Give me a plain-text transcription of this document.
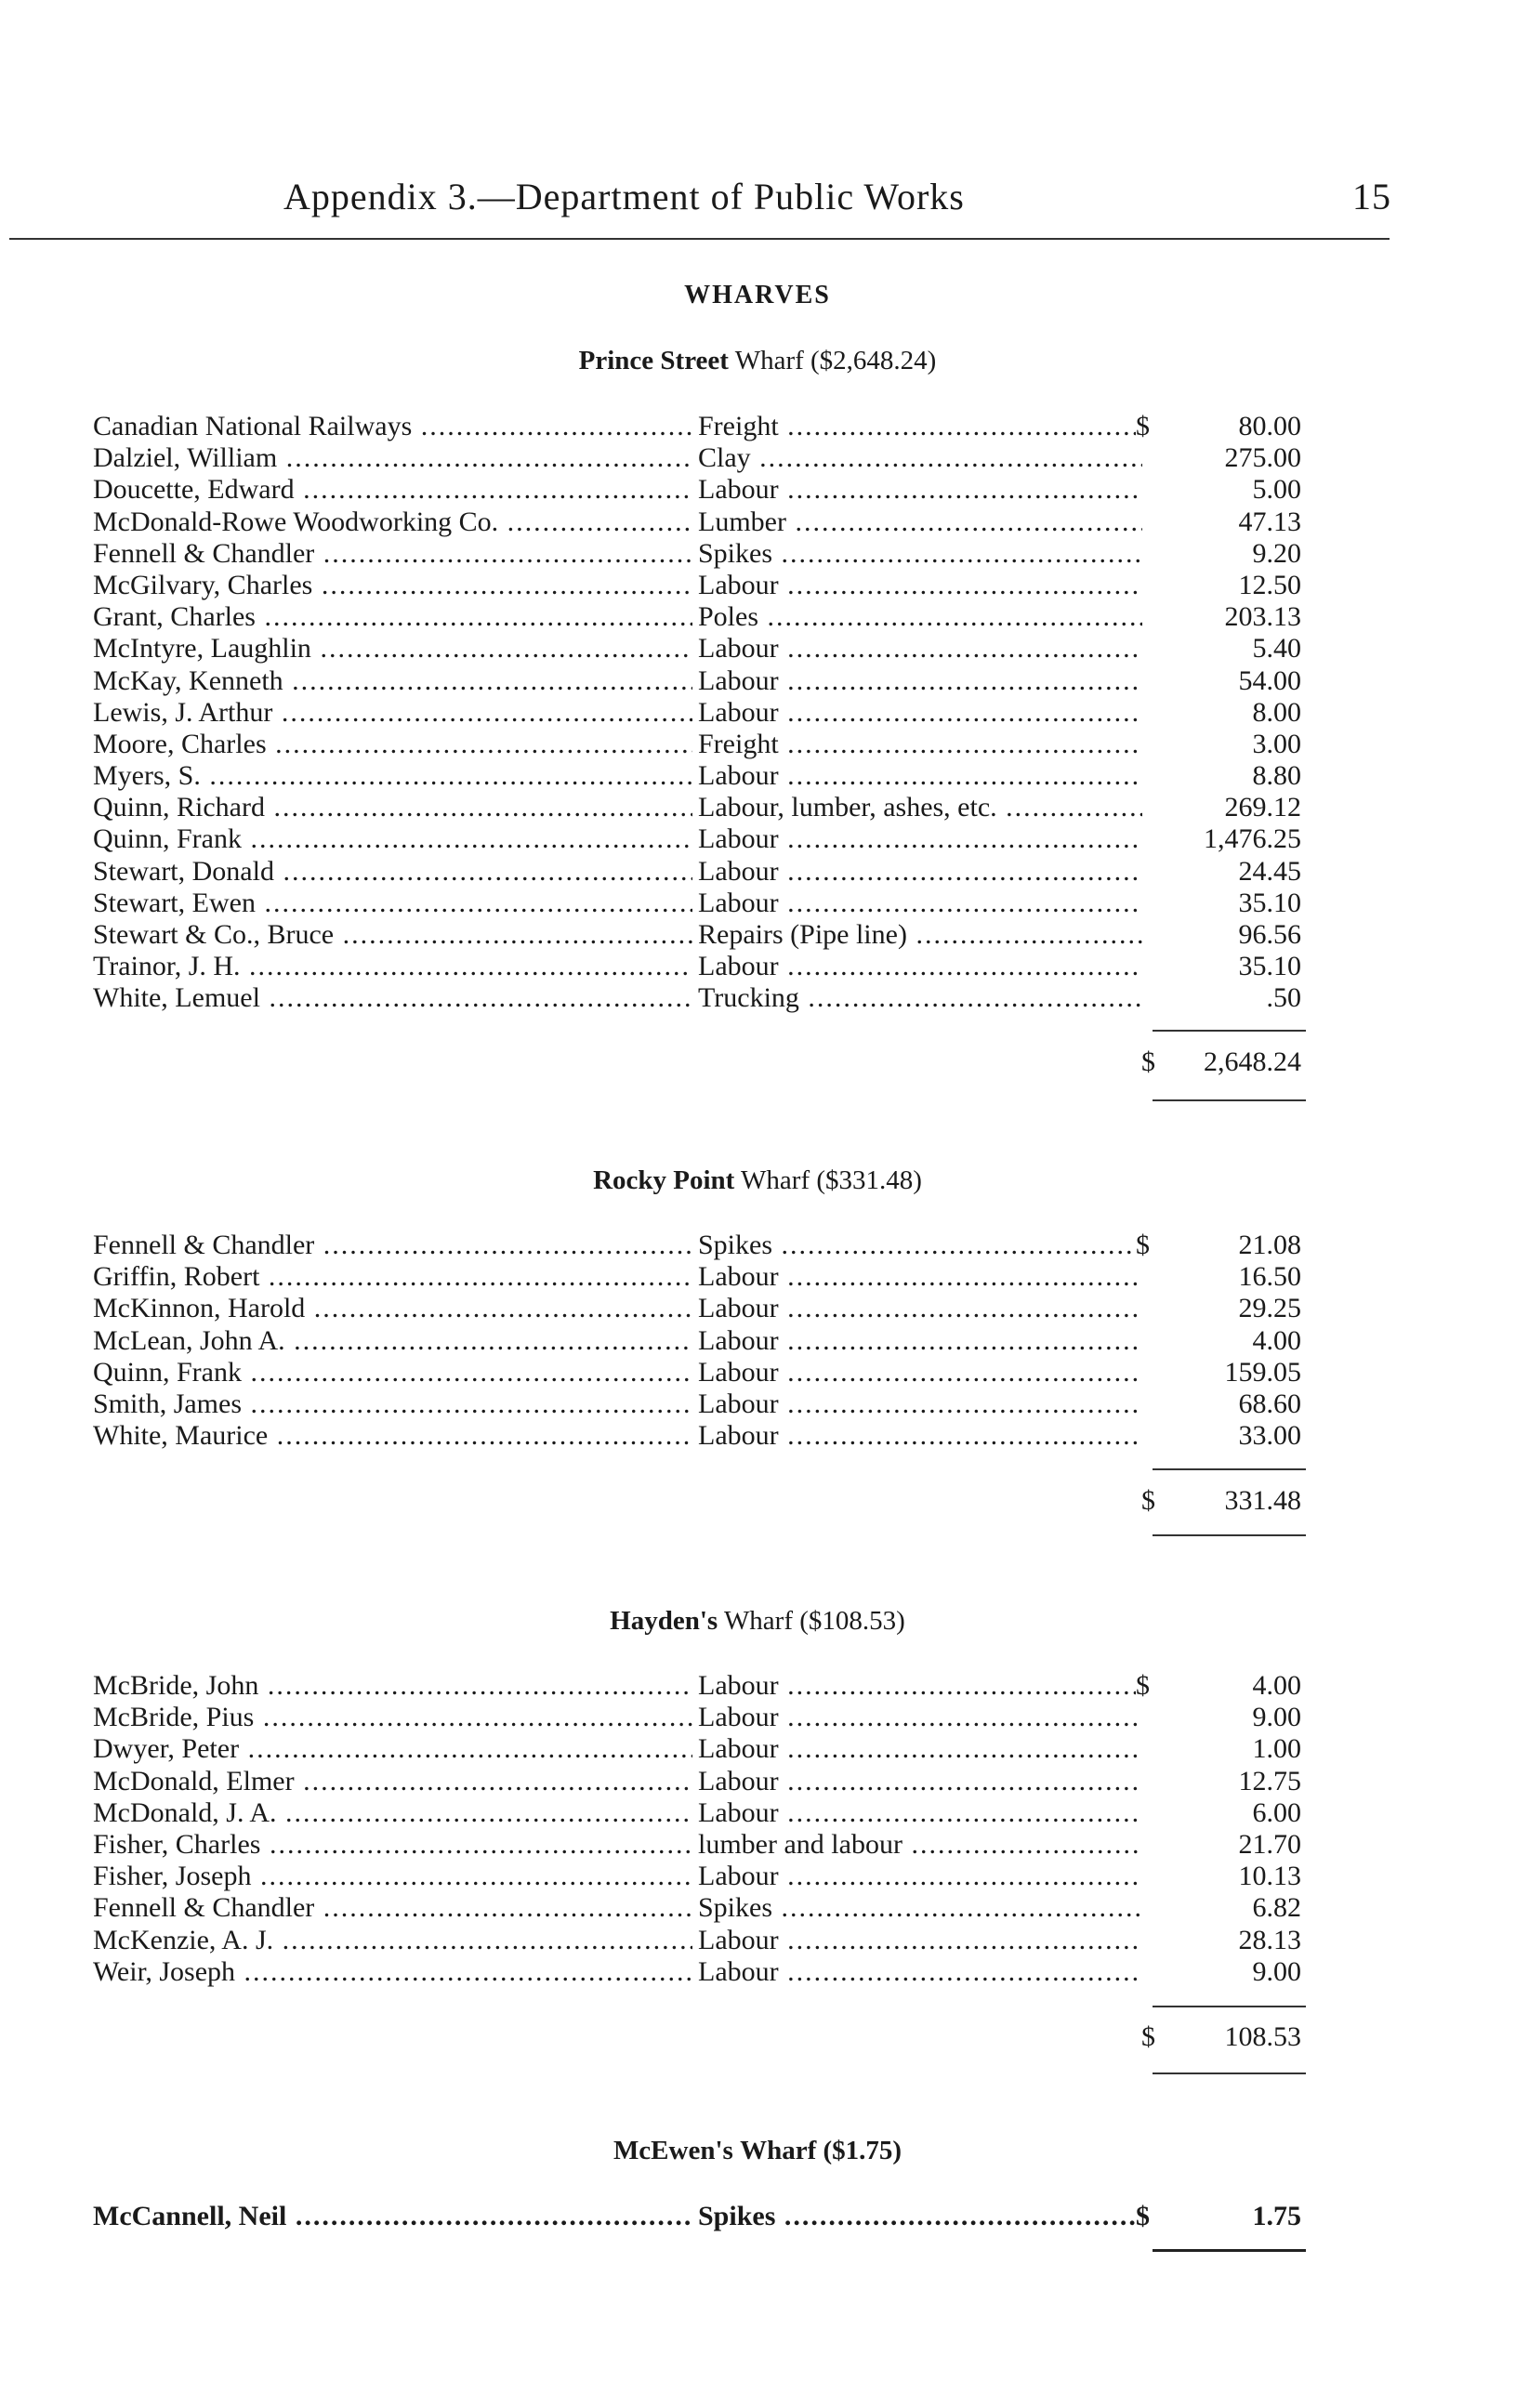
Appendix 3.—Department of Public Works	15
WHARVES
Prince Street Wharf ($2,648.24)
Canadian National Railways .....	Freight .....	$	80.00
Dalziel, William .....	Clay .....	275.00
Doucette, Edward .....	Labour .....	5.00
McDonald-Rowe Woodworking Co. .....	Lumber .....	47.13
Fennell & Chandler .....	Spikes .....	9.20
McGilvary, Charles .....	Labour .....	12.50
Grant, Charles .....	Poles .....	203.13
McIntyre, Laughlin .....	Labour .....	5.40
McKay, Kenneth .....	Labour .....	54.00
Lewis, J. Arthur .....	Labour .....	8.00
Moore, Charles .....	Freight .....	3.00
Myers, S. .....	Labour .....	8.80
Quinn, Richard .....	Labour, lumber, ashes, etc. .....	269.12
Quinn, Frank .....	Labour .....	1,476.25
Stewart, Donald .....	Labour .....	24.45
Stewart, Ewen .....	Labour .....	35.10
Stewart & Co., Bruce .....	Repairs (Pipe line) .....	96.56
Trainor, J. H. .....	Labour .....	35.10
White, Lemuel .....	Trucking .....	.50
$ 2,648.24
Rocky Point Wharf ($331.48)
Fennell & Chandler .....	Spikes .....	$	21.08
Griffin, Robert .....	Labour .....	16.50
McKinnon, Harold .....	Labour .....	29.25
McLean, John A. .....	Labour .....	4.00
Quinn, Frank .....	Labour .....	159.05
Smith, James .....	Labour .....	68.60
White, Maurice .....	Labour .....	33.00
$ 331.48
Hayden's Wharf ($108.53)
McBride, John .....	Labour .....	$	4.00
McBride, Pius .....	Labour .....	9.00
Dwyer, Peter .....	Labour .....	1.00
McDonald, Elmer .....	Labour .....	12.75
McDonald, J. A. .....	Labour .....	6.00
Fisher, Charles .....	lumber and labour .....	21.70
Fisher, Joseph .....	Labour .....	10.13
Fennell & Chandler .....	Spikes .....	6.82
McKenzie, A. J. .....	Labour .....	28.13
Weir, Joseph .....	Labour .....	9.00
$ 108.53
McEwen's Wharf ($1.75)
McCannell, Neil .....	Spikes .....	$	1.75
